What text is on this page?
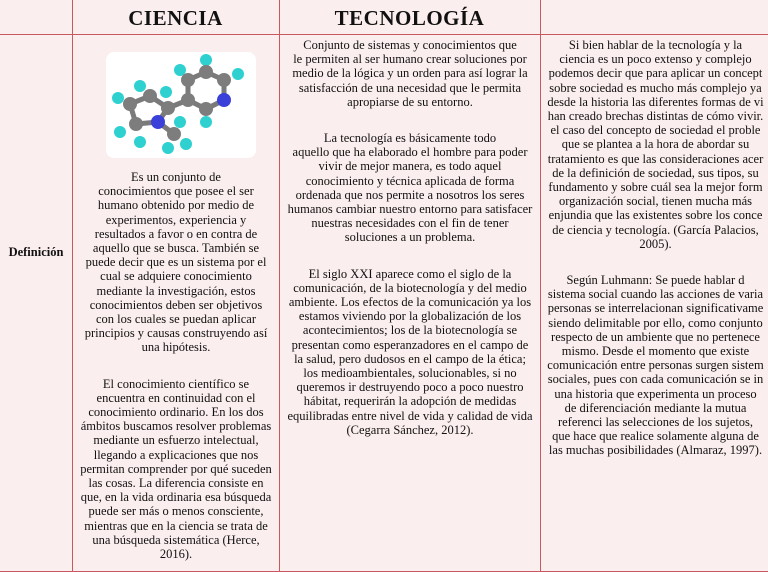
CIENCIA	TECNOLOGÍA
Definición

Es un conjunto de

conocimientos que posee el ser

humano obtenido por medio de

experimentos, experiencia y

resultados a favor o en contra de

aquello que se busca. También se

puede decir que es un sistema por el

cual se adquiere conocimiento

mediante la investigación, estos

conocimientos deben ser objetivos

con los cuales se puedan aplicar

principios y causas construyendo así

una hipótesis.

El conocimiento científico se

encuentra en continuidad con el

conocimiento ordinario. En los dos

ámbitos buscamos resolver problemas

mediante un esfuerzo intelectual,

llegando a explicaciones que nos

permitan comprender por qué suceden

las cosas. La diferencia consiste en

que, en la vida ordinaria esa búsqueda

puede ser más o menos consciente,

mientras que en la ciencia se trata de

una búsqueda sistemática (Herce,

2016).

Conjunto de sistemas y conocimientos que

le permiten al ser humano crear soluciones por

medio de la lógica y un orden para así lograr la

satisfacción de una necesidad que le permita

apropiarse de su entorno.

La tecnología es básicamente todo

aquello que ha elaborado el hombre para poder

vivir de mejor manera, es todo aquel

conocimiento y técnica aplicada de forma

ordenada que nos permite a nosotros los seres

humanos cambiar nuestro entorno para satisfacer

nuestras necesidades con el fin de tener

soluciones a un problema.

El siglo XXI aparece como el siglo de la

comunicación, de la biotecnología y del medio

ambiente. Los efectos de la comunicación ya los

estamos viviendo por la globalización de los

acontecimientos; los de la biotecnología se

presentan como esperanzadores en el campo de

la salud, pero dudosos en el campo de la ética;

los medioambientales, solucionables, si no

queremos ir destruyendo poco a poco nuestro

hábitat, requerirán la adopción de medidas

equilibradas entre nivel de vida y calidad de vida

(Cegarra Sánchez, 2012).

Si bien hablar de la tecnología y la

ciencia es un poco extenso y complejo

podemos decir que para aplicar un concept

sobre sociedad es mucho más complejo ya

desde la historia las diferentes formas de vi

han creado brechas distintas de cómo vivir.

el caso del concepto de sociedad el proble

que se plantea a la hora de abordar su

tratamiento es que las consideraciones acer

de la definición de sociedad, sus tipos, su

fundamento y sobre cuál sea la mejor form

organización social, tienen mucha más

enjundia que las existentes sobre los conce

de ciencia y tecnología. (García Palacios,

2005).

Según Luhmann: Se puede hablar d

sistema social cuando las acciones de varia

personas se interrelacionan significativame

siendo delimitable por ello, como conjunto

respecto de un ambiente que no pertenece

mismo. Desde el momento que existe

comunicación entre personas surgen sistem

sociales, pues con cada comunicación se in

una historia que experimenta un proceso

de diferenciación mediante la mutua

referenci las selecciones de los sujetos,

que hace que realice solamente alguna de

las muchas posibilidades (Almaraz, 1997).
